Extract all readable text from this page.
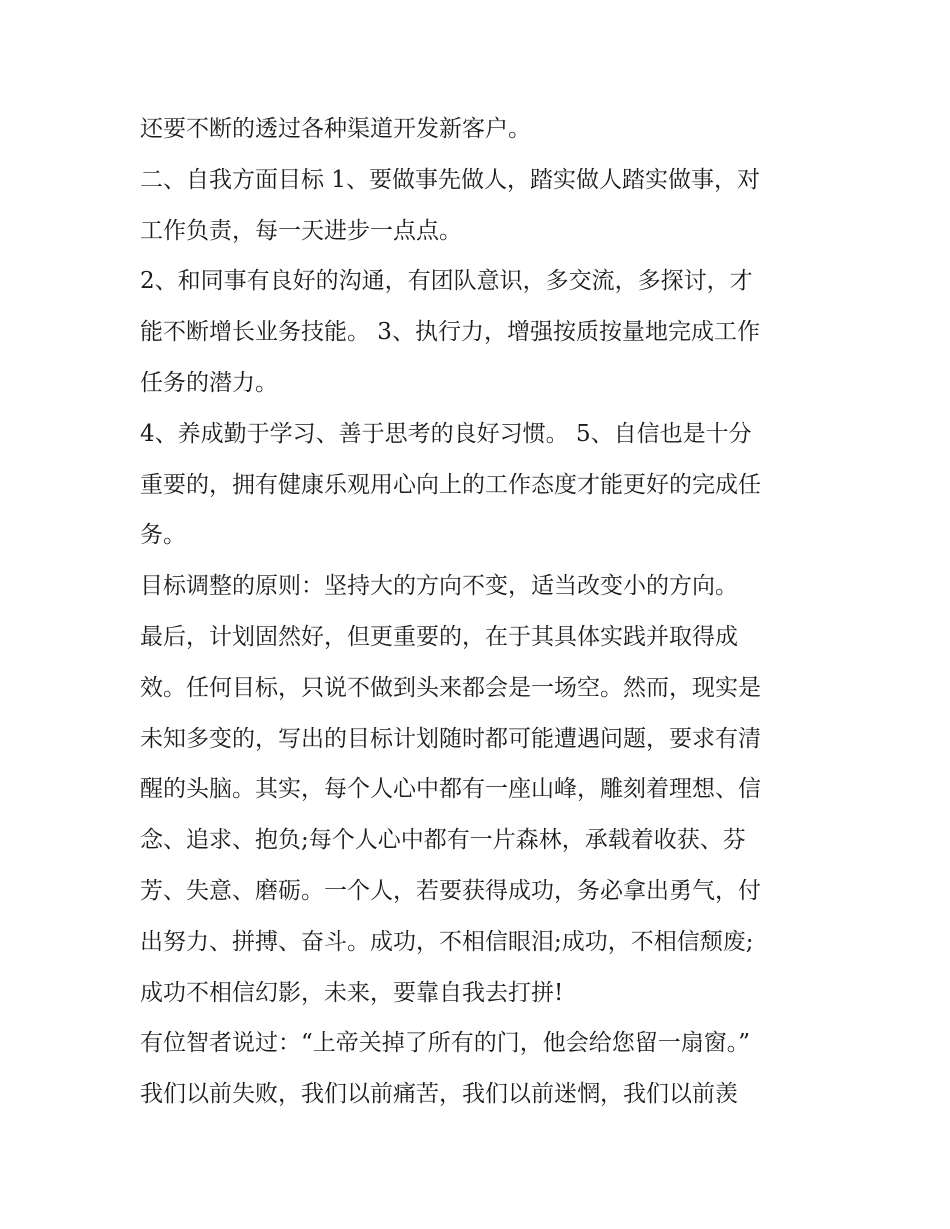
还要不断的透过各种渠道开发新客户。
二、自我方面目标 1、要做事先做人，踏实做人踏实做事，对
工作负责，每一天进步一点点。
2、和同事有良好的沟通，有团队意识，多交流，多探讨，才
能不断增长业务技能。 3、执行力，增强按质按量地完成工作
任务的潜力。
4、养成勤于学习、善于思考的良好习惯。 5、自信也是十分
重要的，拥有健康乐观用心向上的工作态度才能更好的完成任
务。
目标调整的原则：坚持大的方向不变，适当改变小的方向。
最后，计划固然好，但更重要的，在于其具体实践并取得成
效。任何目标，只说不做到头来都会是一场空。然而，现实是
未知多变的，写出的目标计划随时都可能遭遇问题，要求有清
醒的头脑。其实，每个人心中都有一座山峰，雕刻着理想、信
念、追求、抱负;每个人心中都有一片森林，承载着收获、芬
芳、失意、磨砺。一个人，若要获得成功，务必拿出勇气，付
出努力、拼搏、奋斗。成功，不相信眼泪;成功，不相信颓废;
成功不相信幻影，未来，要靠自我去打拼!
有位智者说过：“上帝关掉了所有的门，他会给您留一扇窗。”
我们以前失败，我们以前痛苦，我们以前迷惘，我们以前羡
